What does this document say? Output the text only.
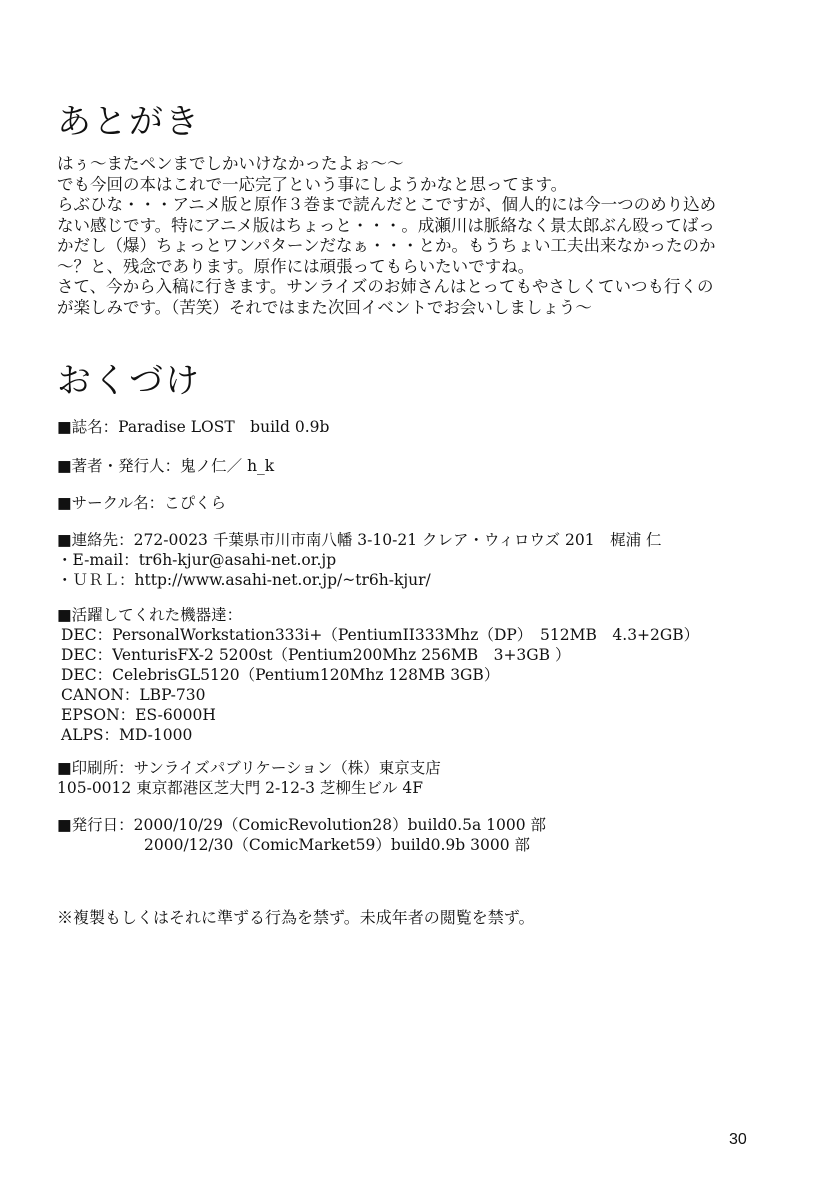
あとがき
はぅ～またペンまでしかいけなかったよぉ～～
でも今回の本はこれで一応完了という事にしようかなと思ってます。
らぶひな・・・アニメ版と原作３巻まで読んだとこですが、個人的には今一つのめり込め
ない感じです。特にアニメ版はちょっと・・・。成瀬川は脈絡なく景太郎ぶん殴ってばっ
かだし（爆）ちょっとワンパターンだなぁ・・・とか。もうちょい工夫出来なかったのか
～？と、残念であります。原作には頑張ってもらいたいですね。
さて、今から入稿に行きます。サンライズのお姉さんはとってもやさしくていつも行くの
が楽しみです。（苦笑）それではまた次回イベントでお会いしましょう～
おくづけ
■誌名：Paradise LOST　build 0.9b
■著者・発行人：鬼ノ仁／ h_k
■サークル名：こぴくら
■連絡先：272-0023 千葉県市川市南八幡 3-10-21 クレア・ウィロウズ 201　梶浦 仁
・E-mail：tr6h-kjur@asahi-net.or.jp
・ＵＲＬ：http://www.asahi-net.or.jp/~tr6h-kjur/
■活躍してくれた機器達：
DEC：PersonalWorkstation333i+（PentiumII333Mhz（DP）　512MB　4.3+2GB）
DEC：VenturisFX-2 5200st（Pentium200Mhz 256MB　3+3GB ）
DEC：CelebrisGL5120（Pentium120Mhz 128MB 3GB）
CANON：LBP-730
EPSON：ES-6000H
ALPS：MD-1000
■印刷所：サンライズパブリケーション（株）東京支店
105-0012 東京都港区芝大門 2-12-3 芝柳生ビル 4F
■発行日：2000/10/29（ComicRevolution28）build0.5a 1000 部
2000/12/30（ComicMarket59）build0.9b 3000 部
※複製もしくはそれに準ずる行為を禁ず。未成年者の閲覧を禁ず。
30
